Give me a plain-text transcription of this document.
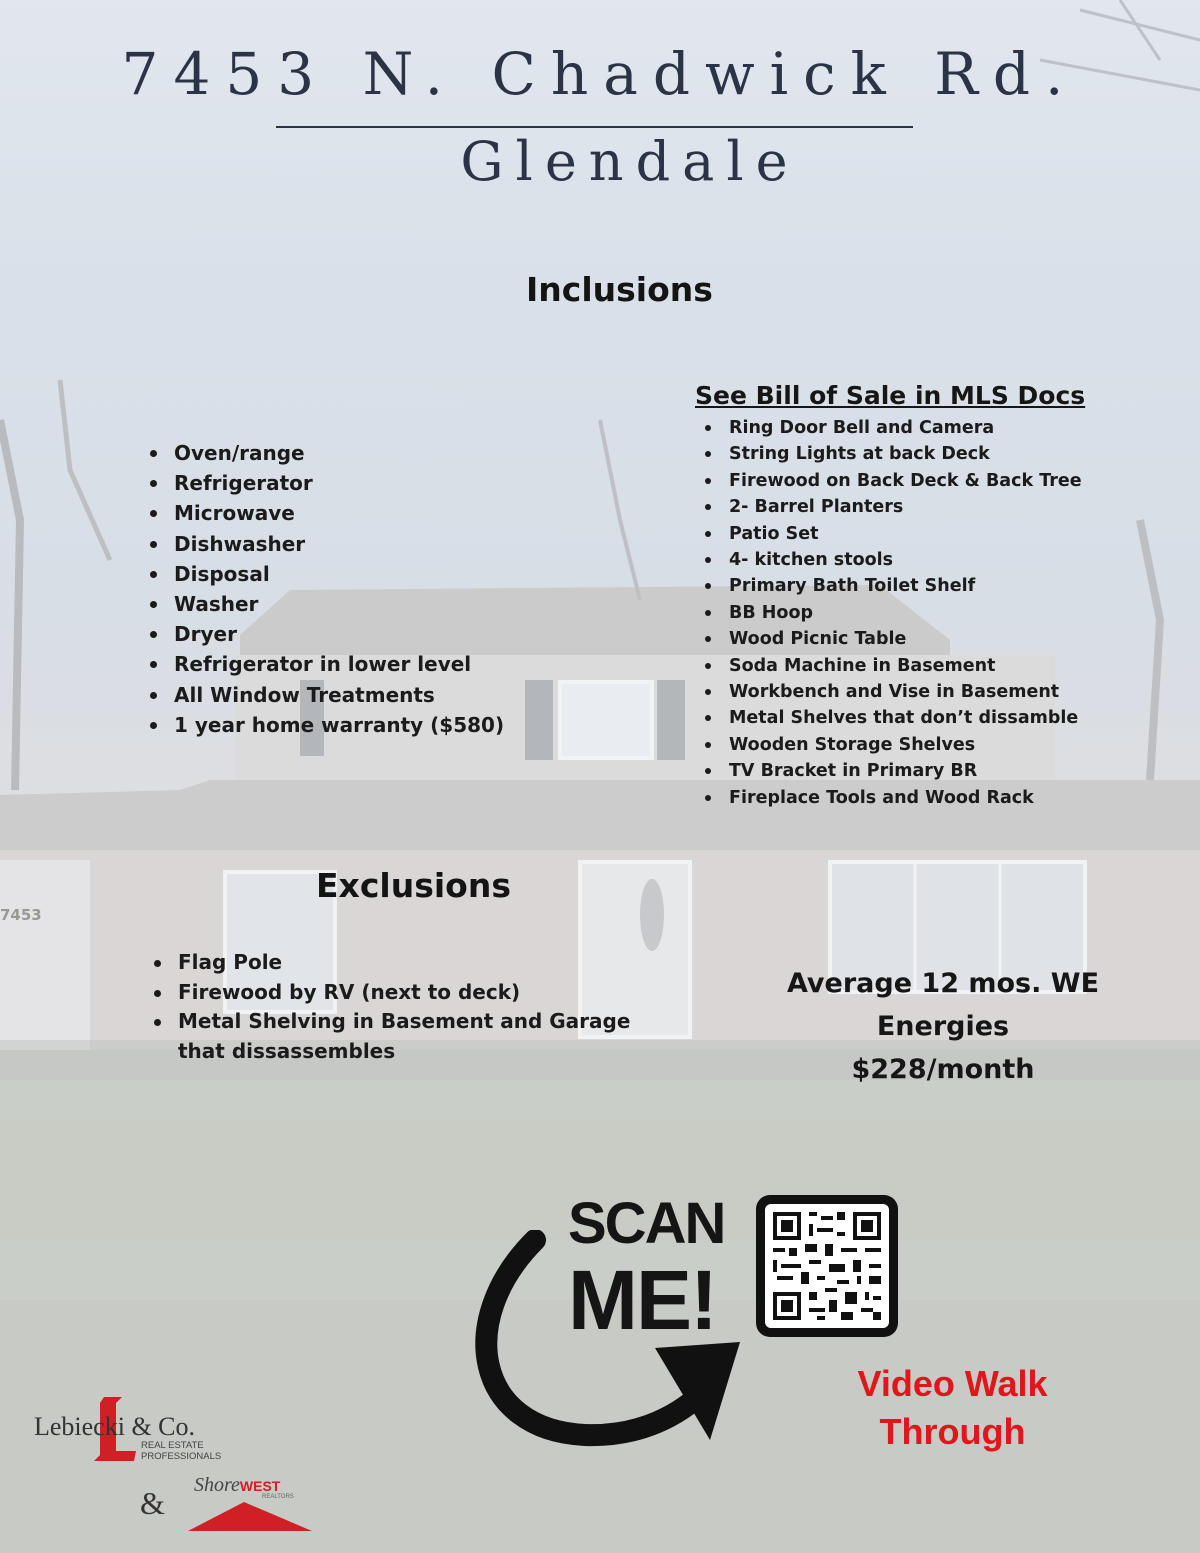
7453
7453 N. Chadwick Rd.
Glendale
Inclusions
Oven/range
Refrigerator
Microwave
Dishwasher
Disposal
Washer
Dryer
Refrigerator in lower level
All Window Treatments
1 year home warranty ($580)
See Bill of Sale in MLS Docs
Ring Door Bell and Camera
String Lights at back Deck
Firewood on Back Deck & Back Tree
2- Barrel Planters
Patio Set
4- kitchen stools
Primary Bath Toilet Shelf
BB Hoop
Wood Picnic Table
Soda Machine in Basement
Workbench and Vise in Basement
Metal Shelves that don’t dissamble
Wooden Storage Shelves
TV Bracket in Primary BR
Fireplace Tools and Wood Rack
Exclusions
Flag Pole
Firewood by RV (next to deck)
Metal Shelving in Basement and Garage that dissassembles
Average 12 mos. WE Energies
$228/month
SCAN
ME!
Video Walk
Through
Lebiecki & Co.
REAL ESTATE
PROFESSIONALS
& ShoreWEST
REALTORS
